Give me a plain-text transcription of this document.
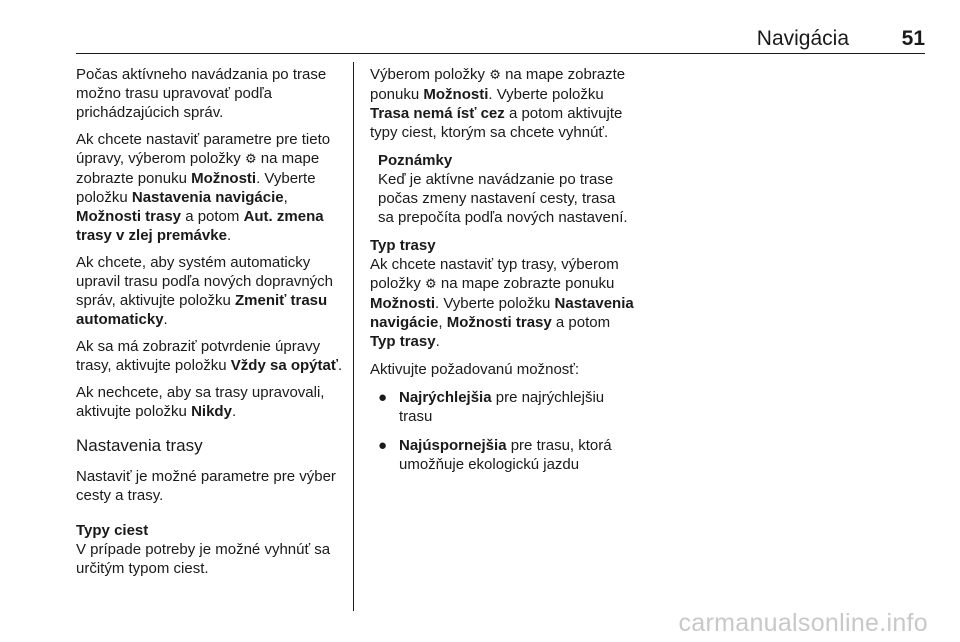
Navigácia	51

Počas aktívneho navádzania po trase možno trasu upravovať podľa prichádzajúcich správ.

Ak chcete nastaviť parametre pre tieto úpravy, výberom položky ⚙ na mape zobrazte ponuku Možnosti. Vyberte položku Nastavenia navigácie, Možnosti trasy a potom Aut. zmena trasy v zlej premávke.

Ak chcete, aby systém automaticky upravil trasu podľa nových dopravných správ, aktivujte položku Zmeniť trasu automaticky.

Ak sa má zobraziť potvrdenie úpravy trasy, aktivujte položku Vždy sa opýtať.

Ak nechcete, aby sa trasy upravovali, aktivujte položku Nikdy.

Nastavenia trasy

Nastaviť je možné parametre pre výber cesty a trasy.

Typy ciest
V prípade potreby je možné vyhnúť sa určitým typom ciest.

Výberom položky ⚙ na mape zobrazte ponuku Možnosti. Vyberte položku Trasa nemá ísť cez a potom aktivujte typy ciest, ktorým sa chcete vyhnúť.

Poznámky
Keď je aktívne navádzanie po trase počas zmeny nastavení cesty, trasa sa prepočíta podľa nových nastavení.

Typ trasy
Ak chcete nastaviť typ trasy, výberom položky ⚙ na mape zobrazte ponuku Možnosti. Vyberte položku Nastavenia navigácie, Možnosti trasy a potom Typ trasy.

Aktivujte požadovanú možnosť:

● Najrýchlejšia pre najrýchlejšiu trasu
● Najúspornejšia pre trasu, ktorá umožňuje ekologickú jazdu
carmanualsonline.info
